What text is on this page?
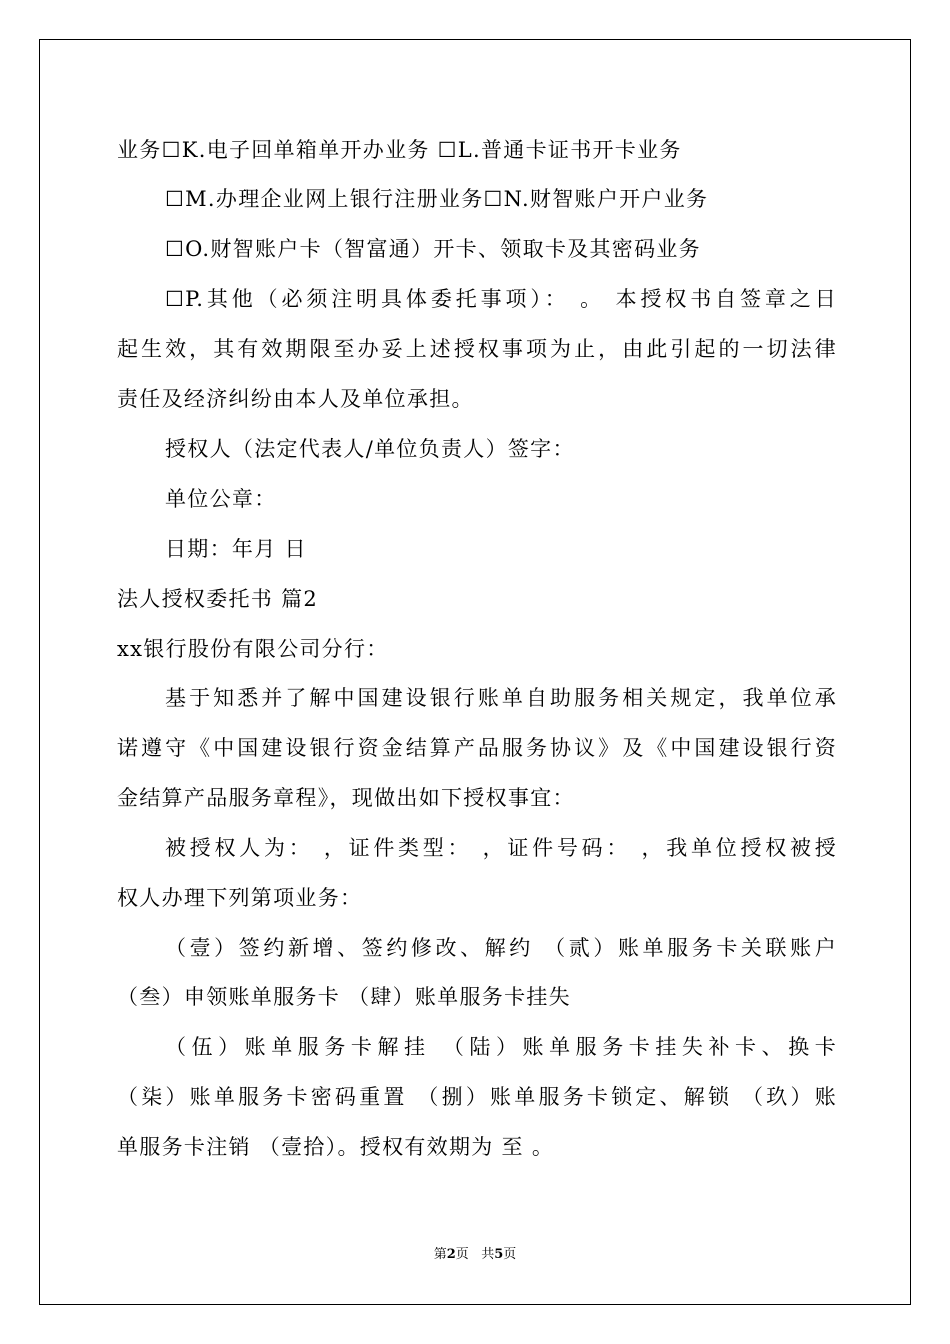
业务☐K.电子回单箱单开办业务 ☐L.普通卡证书开卡业务
☐M.办理企业网上银行注册业务☐N.财智账户开户业务
☐O.财智账户卡（智富通）开卡、领取卡及其密码业务
☐P.其他（必须注明具体委托事项）： 。 本授权书自签章之日
起生效，其有效期限至办妥上述授权事项为止，由此引起的一切法律
责任及经济纠纷由本人及单位承担。
授权人（法定代表人/单位负责人）签字：
单位公章：
日期：年月 日
法人授权委托书 篇2
xx银行股份有限公司分行：
基于知悉并了解中国建设银行账单自助服务相关规定，我单位承
诺遵守《中国建设银行资金结算产品服务协议》及《中国建设银行资
金结算产品服务章程》，现做出如下授权事宜：
被授权人为： ，证件类型： ，证件号码： ，我单位授权被授
权人办理下列第项业务：
（壹）签约新增、签约修改、解约 （贰）账单服务卡关联账户
（叁）申领账单服务卡 （肆）账单服务卡挂失
（伍）账单服务卡解挂 （陆）账单服务卡挂失补卡、换卡
（柒）账单服务卡密码重置 （捌）账单服务卡锁定、解锁 （玖）账
单服务卡注销 （壹拾）。授权有效期为 至 。
第2页 共5页
